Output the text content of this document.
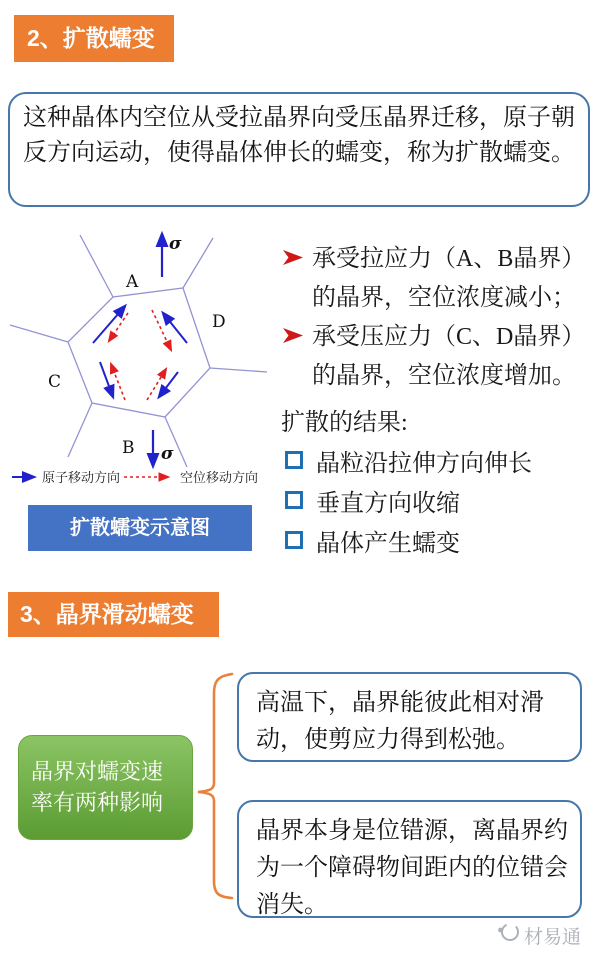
2、扩散蠕变
这种晶体内空位从受拉晶界向受压晶界迁移，原子朝反方向运动，使得晶体伸长的蠕变，称为扩散蠕变。
σ
σ
A
D
C
B
原子移动方向	空位移动方向
扩散蠕变示意图
承受拉应力（A、B晶界）的晶界，空位浓度减小；
承受压应力（C、D晶界）的晶界，空位浓度增加。
扩散的结果:
晶粒沿拉伸方向伸长
垂直方向收缩
晶体产生蠕变
3、晶界滑动蠕变
晶界对蠕变速率有两种影响
高温下，晶界能彼此相对滑动，使剪应力得到松弛。
晶界本身是位错源，离晶界约为一个障碍物间距内的位错会消失。
材易通
